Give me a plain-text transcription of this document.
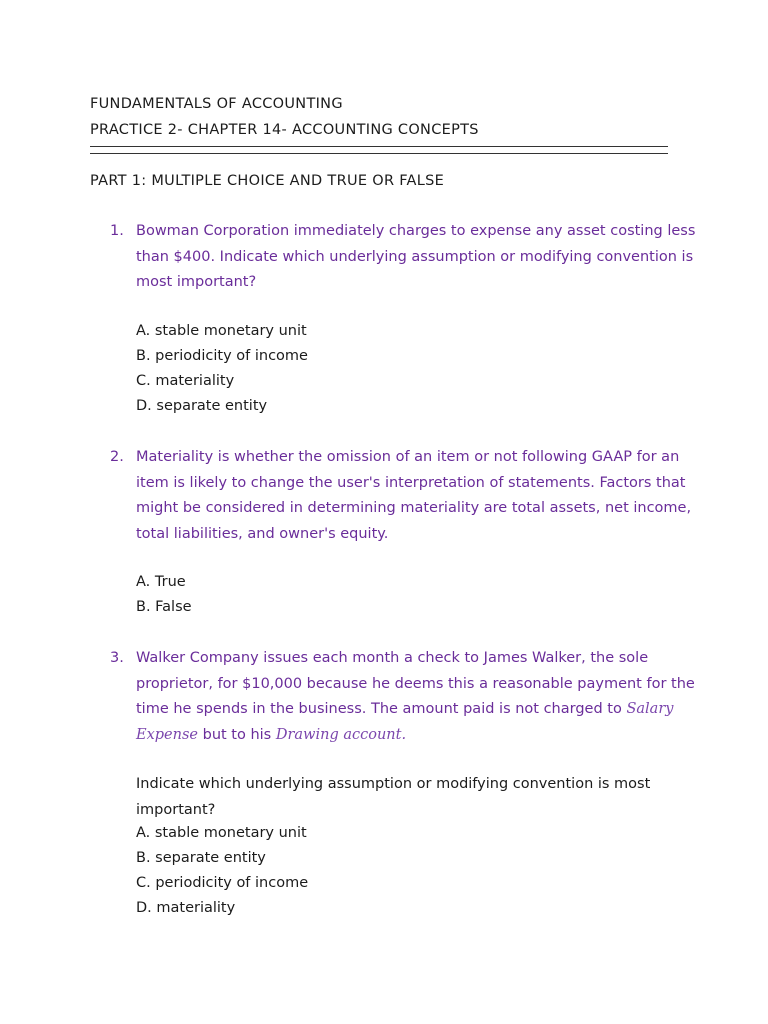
FUNDAMENTALS OF ACCOUNTING
PRACTICE 2- CHAPTER 14- ACCOUNTING CONCEPTS
PART 1: MULTIPLE CHOICE AND TRUE OR FALSE
1. Bowman Corporation immediately charges to expense any asset costing less
than $400. Indicate which underlying assumption or modifying convention is
most important?
A. stable monetary unit
B. periodicity of income
C. materiality
D. separate entity
2. Materiality is whether the omission of an item or not following GAAP for an
item is likely to change the user's interpretation of statements. Factors that
might be considered in determining materiality are total assets, net income,
total liabilities, and owner's equity.
A. True
B. False
3. Walker Company issues each month a check to James Walker, the sole
proprietor, for $10,000 because he deems this a reasonable payment for the
time he spends in the business. The amount paid is not charged to Salary
Expense but to his Drawing account.
Indicate which underlying assumption or modifying convention is most
important?
A. stable monetary unit
B. separate entity
C. periodicity of income
D. materiality
